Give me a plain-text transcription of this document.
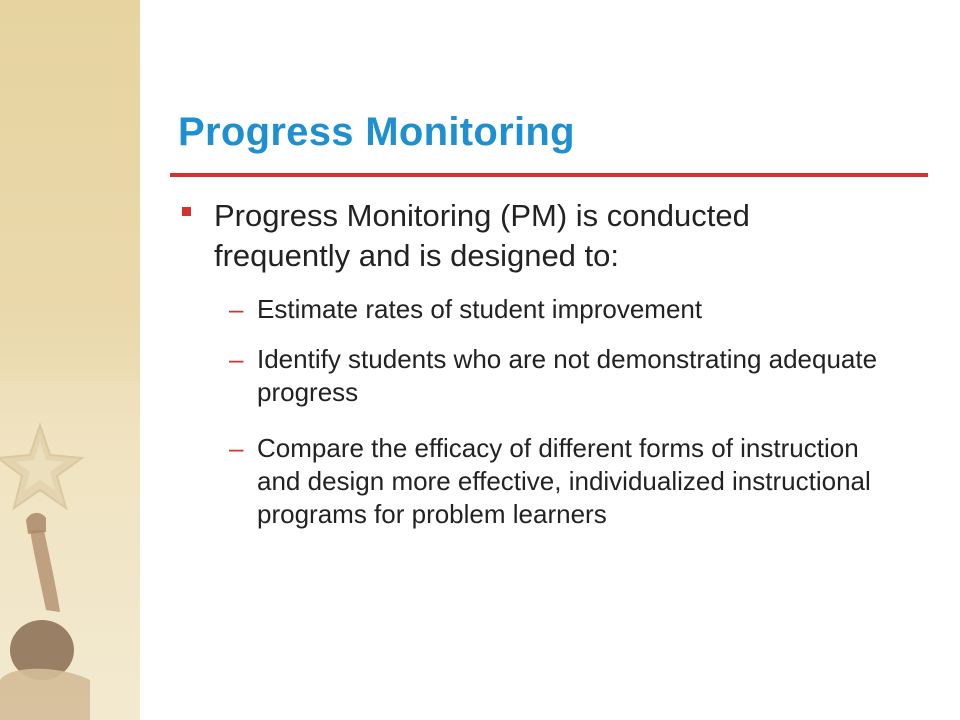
Progress Monitoring
Progress Monitoring (PM) is conducted frequently and is designed to:
– Estimate rates of student improvement
– Identify students who are not demonstrating adequate progress
– Compare the efficacy of different forms of instruction and design more effective, individualized instructional programs for problem learners
